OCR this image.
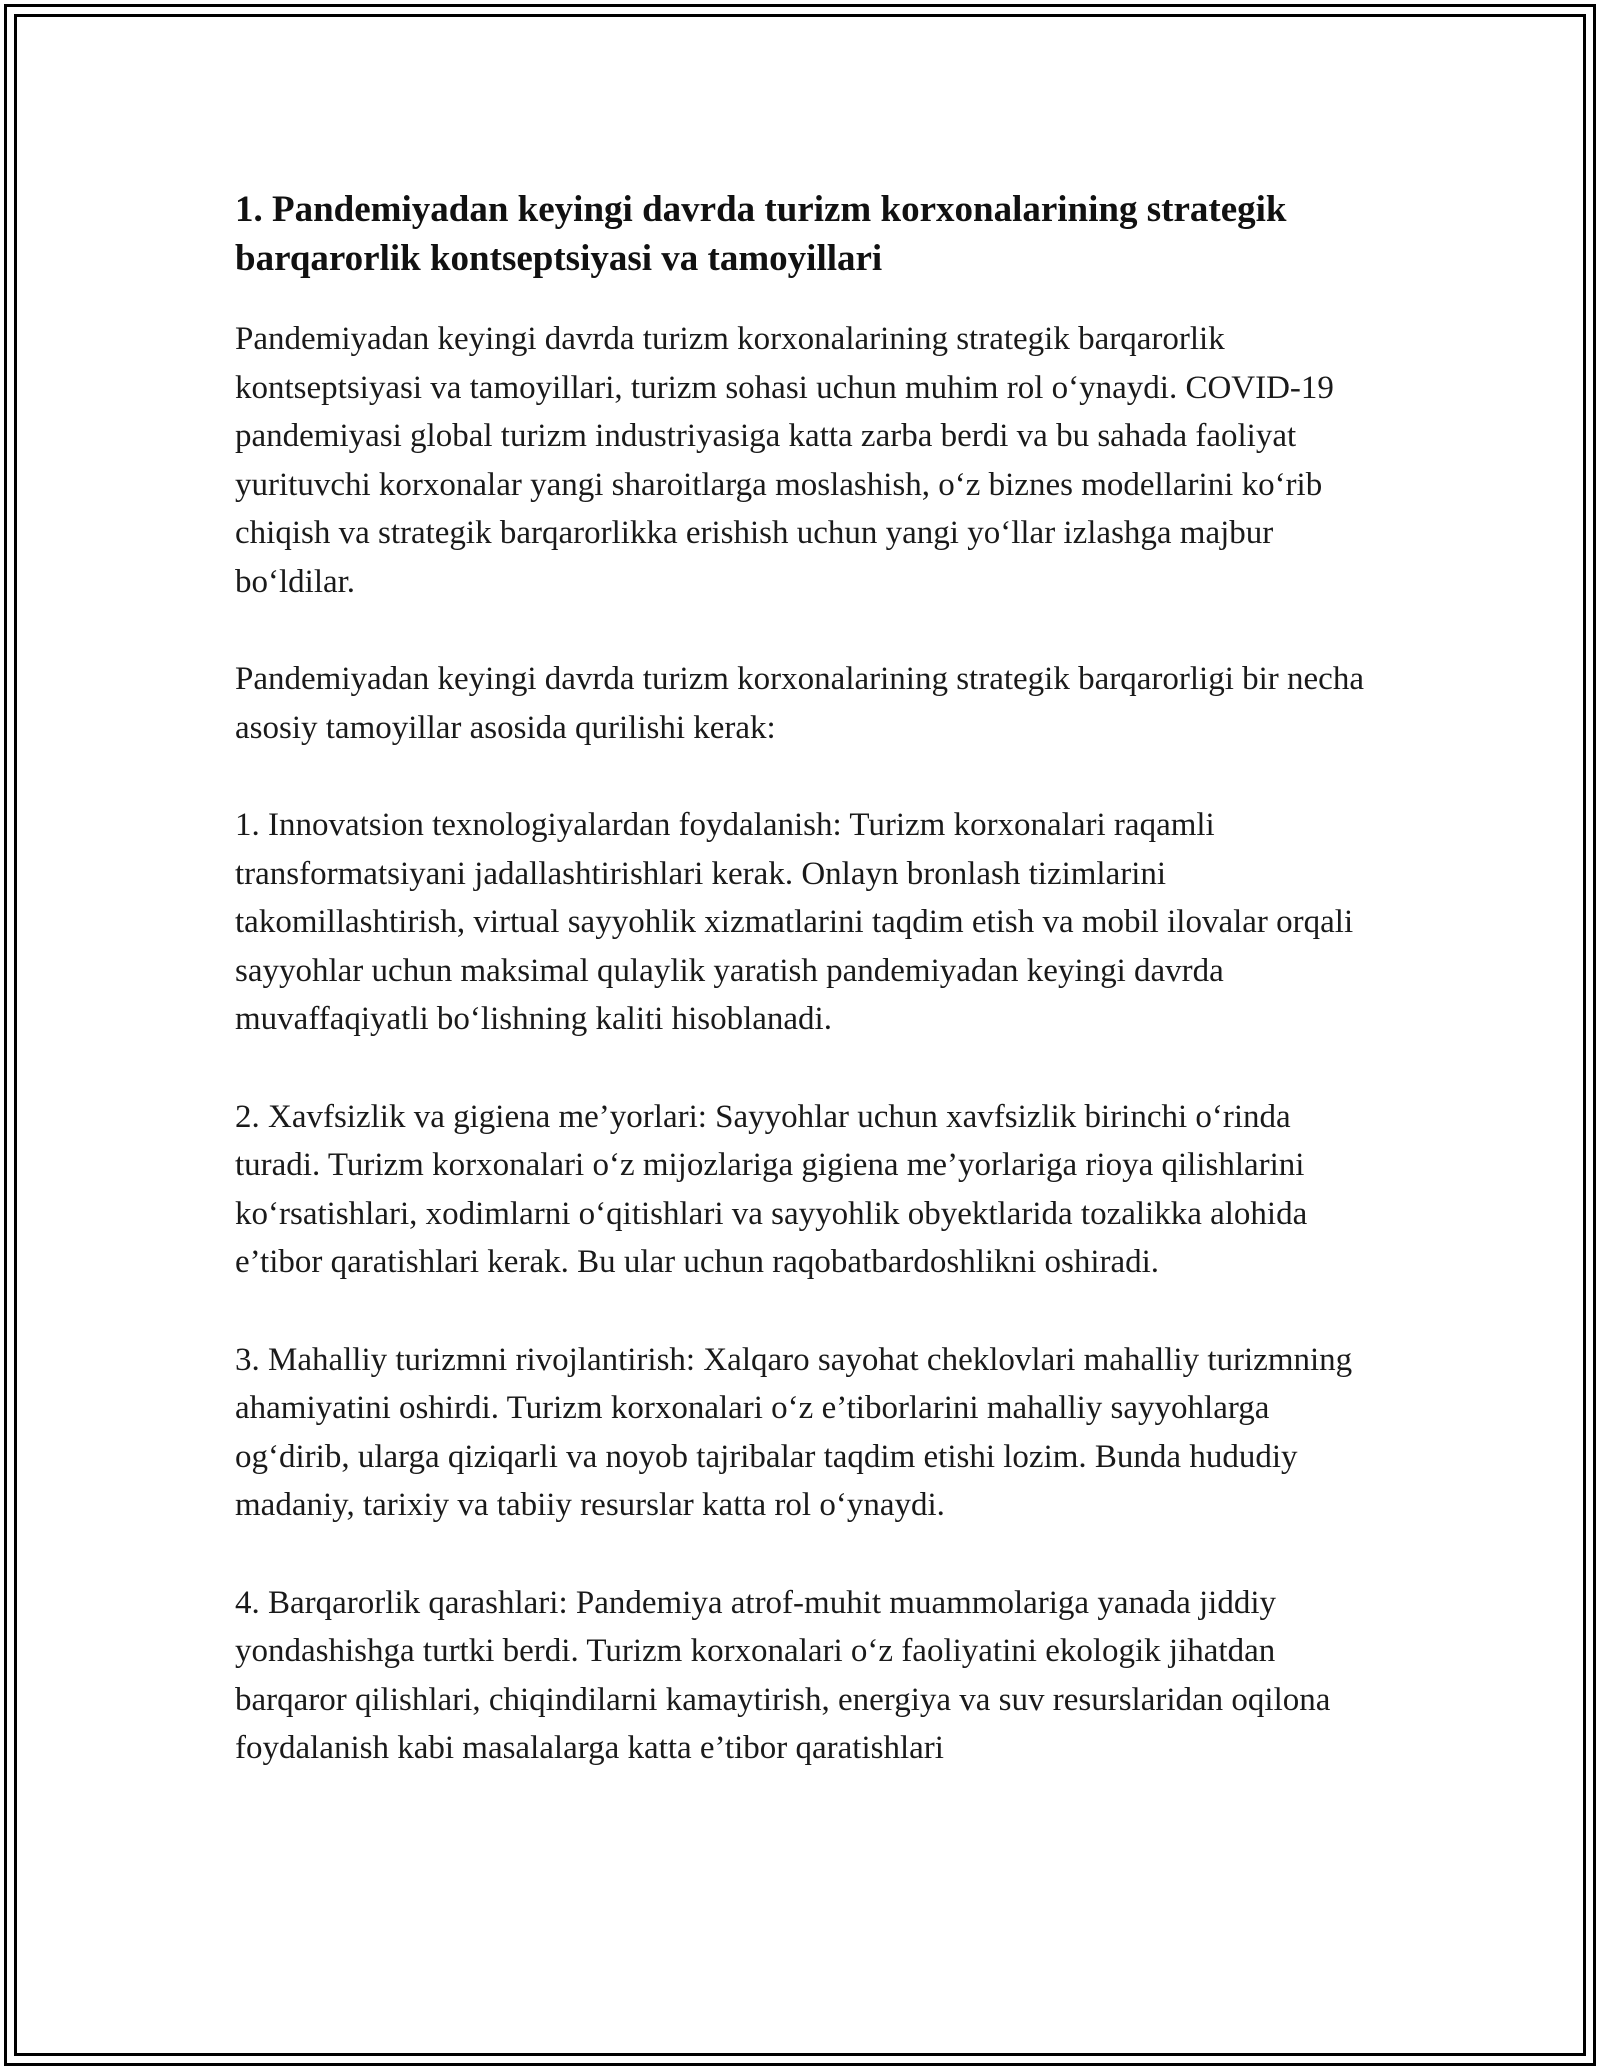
1. Pandemiyadan keyingi davrda turizm korxonalarining strategik barqarorlik kontseptsiyasi va tamoyillari

Pandemiyadan keyingi davrda turizm korxonalarining strategik barqarorlik kontseptsiyasi va tamoyillari, turizm sohasi uchun muhim rol oʻynaydi. COVID-19 pandemiyasi global turizm industriyasiga katta zarba berdi va bu sahada faoliyat yurituvchi korxonalar yangi sharoitlarga moslashish, oʻz biznes modellarini koʻrib chiqish va strategik barqarorlikka erishish uchun yangi yoʻllar izlashga majbur boʻldilar.

Pandemiyadan keyingi davrda turizm korxonalarining strategik barqarorligi bir necha asosiy tamoyillar asosida qurilishi kerak:

1. Innovatsion texnologiyalardan foydalanish: Turizm korxonalari raqamli transformatsiyani jadallashtirishlari kerak. Onlayn bronlash tizimlarini takomillashtirish, virtual sayyohlik xizmatlarini taqdim etish va mobil ilovalar orqali sayyohlar uchun maksimal qulaylik yaratish pandemiyadan keyingi davrda muvaffaqiyatli boʻlishning kaliti hisoblanadi.

2. Xavfsizlik va gigiena me’yorlari: Sayyohlar uchun xavfsizlik birinchi oʻrinda turadi. Turizm korxonalari oʻz mijozlariga gigiena me’yorlariga rioya qilishlarini koʻrsatishlari, xodimlarni oʻqitishlari va sayyohlik obyektlarida tozalikka alohida e’tibor qaratishlari kerak. Bu ular uchun raqobatbardoshlikni oshiradi.

3. Mahalliy turizmni rivojlantirish: Xalqaro sayohat cheklovlari mahalliy turizmning ahamiyatini oshirdi. Turizm korxonalari oʻz e’tiborlarini mahalliy sayyohlarga ogʻdirib, ularga qiziqarli va noyob tajribalar taqdim etishi lozim. Bunda hududiy madaniy, tarixiy va tabiiy resurslar katta rol oʻynaydi.

4. Barqarorlik qarashlari: Pandemiya atrof-muhit muammolariga yanada jiddiy yondashishga turtki berdi. Turizm korxonalari oʻz faoliyatini ekologik jihatdan barqaror qilishlari, chiqindilarni kamaytirish, energiya va suv resurslaridan oqilona foydalanish kabi masalalarga katta e’tibor qaratishlari
